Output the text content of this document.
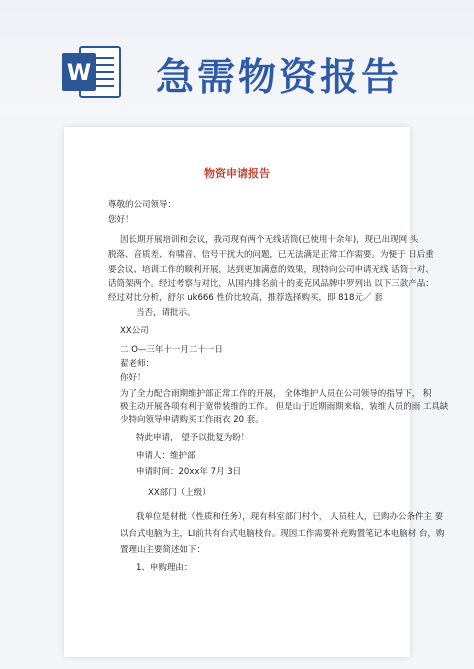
W 急需物资报告
物资申请报告
尊敬的公司领导：
您好！
因长期开展培训和会议，我司现有两个无线话筒(已使用十余年)，现已出现网 头
脱落、音质差、有啸音、信号干扰大的问题，已无法满足正常工作需要。为便于 日后重
要会议、培训工作的顺利开展，达到更加满意的效果，现特向公司申请无线 话筒一对、
话筒架两个。经过考察与对比，从国内排名前十的麦克风品牌中罗列出 以下三款产品：
经过对比分析，舒尔 uk666 性价比较高，推荐选择购买，即 818元／ 套
当否，请批示。
XX公司
二 O—三年十一月二十一日
翟老师：
你好！
为了全力配合雨期维护部正常工作的开展， 全体维护人员在公司领导的指导下， 积
极主动开展各项有利于宽带装维的工作。 但是山于近期雨期来临，装维人员的雨 工具缺
少特向领导申请购买工作雨衣 20 套。
特此申请， 望予以批复为盼！
申请人：维护部
申请时间：20xx年 7月 3日
XX部门（上级）
我单位是材枇（性质和任务），现有科室部门村个， 人员柱人，已购办公条件主 要
以台式电脑为主，LI前共有台式电脑枝台。现因工作需要补充购置笔记本电脑材 台，购
置理山主要简述如下：
1、申购理由：
